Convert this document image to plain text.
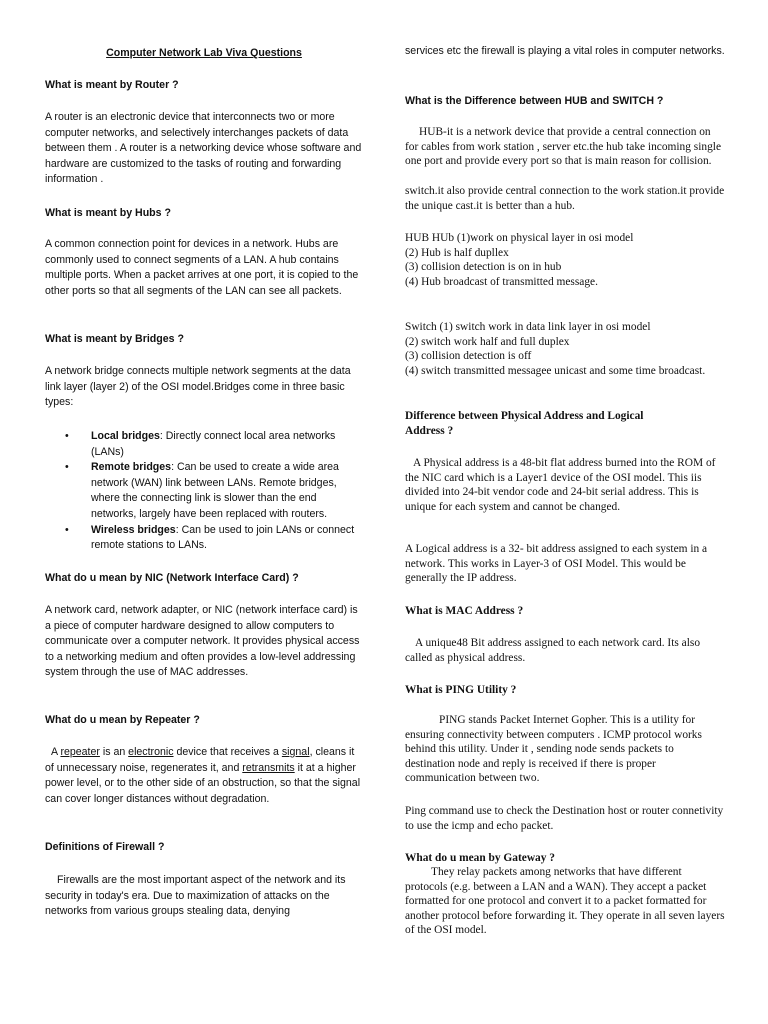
Computer Network Lab Viva Questions

What is meant by Router ?

A router is an electronic device that interconnects two or more computer networks, and selectively interchanges packets of data between them . A router is a networking device whose software and hardware are customized to the tasks of routing and forwarding information .

What is meant by Hubs ?

A common connection point for devices in a network. Hubs are commonly used to connect segments of a LAN. A hub contains multiple ports. When a packet arrives at one port, it is copied to the other ports so that all segments of the LAN can see all packets.

What is meant by Bridges ?

A network bridge connects multiple network segments at the data link layer (layer 2) of the OSI model.Bridges come in three basic types:

• Local bridges: Directly connect local area networks (LANs)
• Remote bridges: Can be used to create a wide area network (WAN) link between LANs. Remote bridges, where the connecting link is slower than the end networks, largely have been replaced with routers.
• Wireless bridges: Can be used to join LANs or connect remote stations to LANs.

What do u mean by NIC (Network Interface Card) ?

A network card, network adapter, or NIC (network interface card) is a piece of computer hardware designed to allow computers to communicate over a computer network. It provides physical access to a networking medium and often provides a low-level addressing system through the use of MAC addresses.

What do u mean by Repeater ?

A repeater is an electronic device that receives a signal, cleans it of unnecessary noise, regenerates it, and retransmits it at a higher power level, or to the other side of an obstruction, so that the signal can cover longer distances without degradation.

Definitions of Firewall ?

Firewalls are the most important aspect of the network and its security in today's era. Due to maximization of attacks on the networks from various groups stealing data, denying

services etc the firewall is playing a vital roles in computer networks.

What is the Difference between HUB and SWITCH ?

HUB-it is a network device that provide a central connection on for cables from work station , server etc.the hub take incoming single one port and provide every port so that is main reason for collision.

switch.it also provide central connection to the work station.it provide the unique cast.it is better than a hub.

HUB HUb (1)work on physical layer in osi model

(2) Hub is half dupllex

(3) collision detection is on in hub

(4) Hub broadcast of transmitted message.

Switch (1) switch work in data link layer in osi model

(2) switch work half and full duplex

(3) collision detection is off

(4) switch transmitted messagee unicast and some time broadcast.

Difference between Physical Address and Logical Address ?

A Physical address is a 48-bit flat address burned into the ROM of the NIC card which is a Layer1 device of the OSI model. This iis divided into 24-bit vendor code and 24-bit serial address. This is unique for each system and cannot be changed.

A Logical address is a 32- bit address assigned to each system in a network. This works in Layer-3 of OSI Model. This would be generally the IP address.

What is MAC Address ?

A unique48 Bit address assigned to each network card. Its also called as physical address.

What is PING Utility ?

PING stands Packet Internet Gopher. This is a utility for ensuring connectivity between computers . ICMP protocol works behind this utility. Under it , sending node sends packets to destination node and reply is received if there is proper communication between two.

Ping command use to check the Destination host or router connetivity to use the icmp and echo packet.

What do u mean by Gateway ?

They relay packets among networks that have different protocols (e.g. between a LAN and a WAN). They accept a packet formatted for one protocol and convert it to a packet formatted for another protocol before forwarding it. They operate in all seven layers of the OSI model.
